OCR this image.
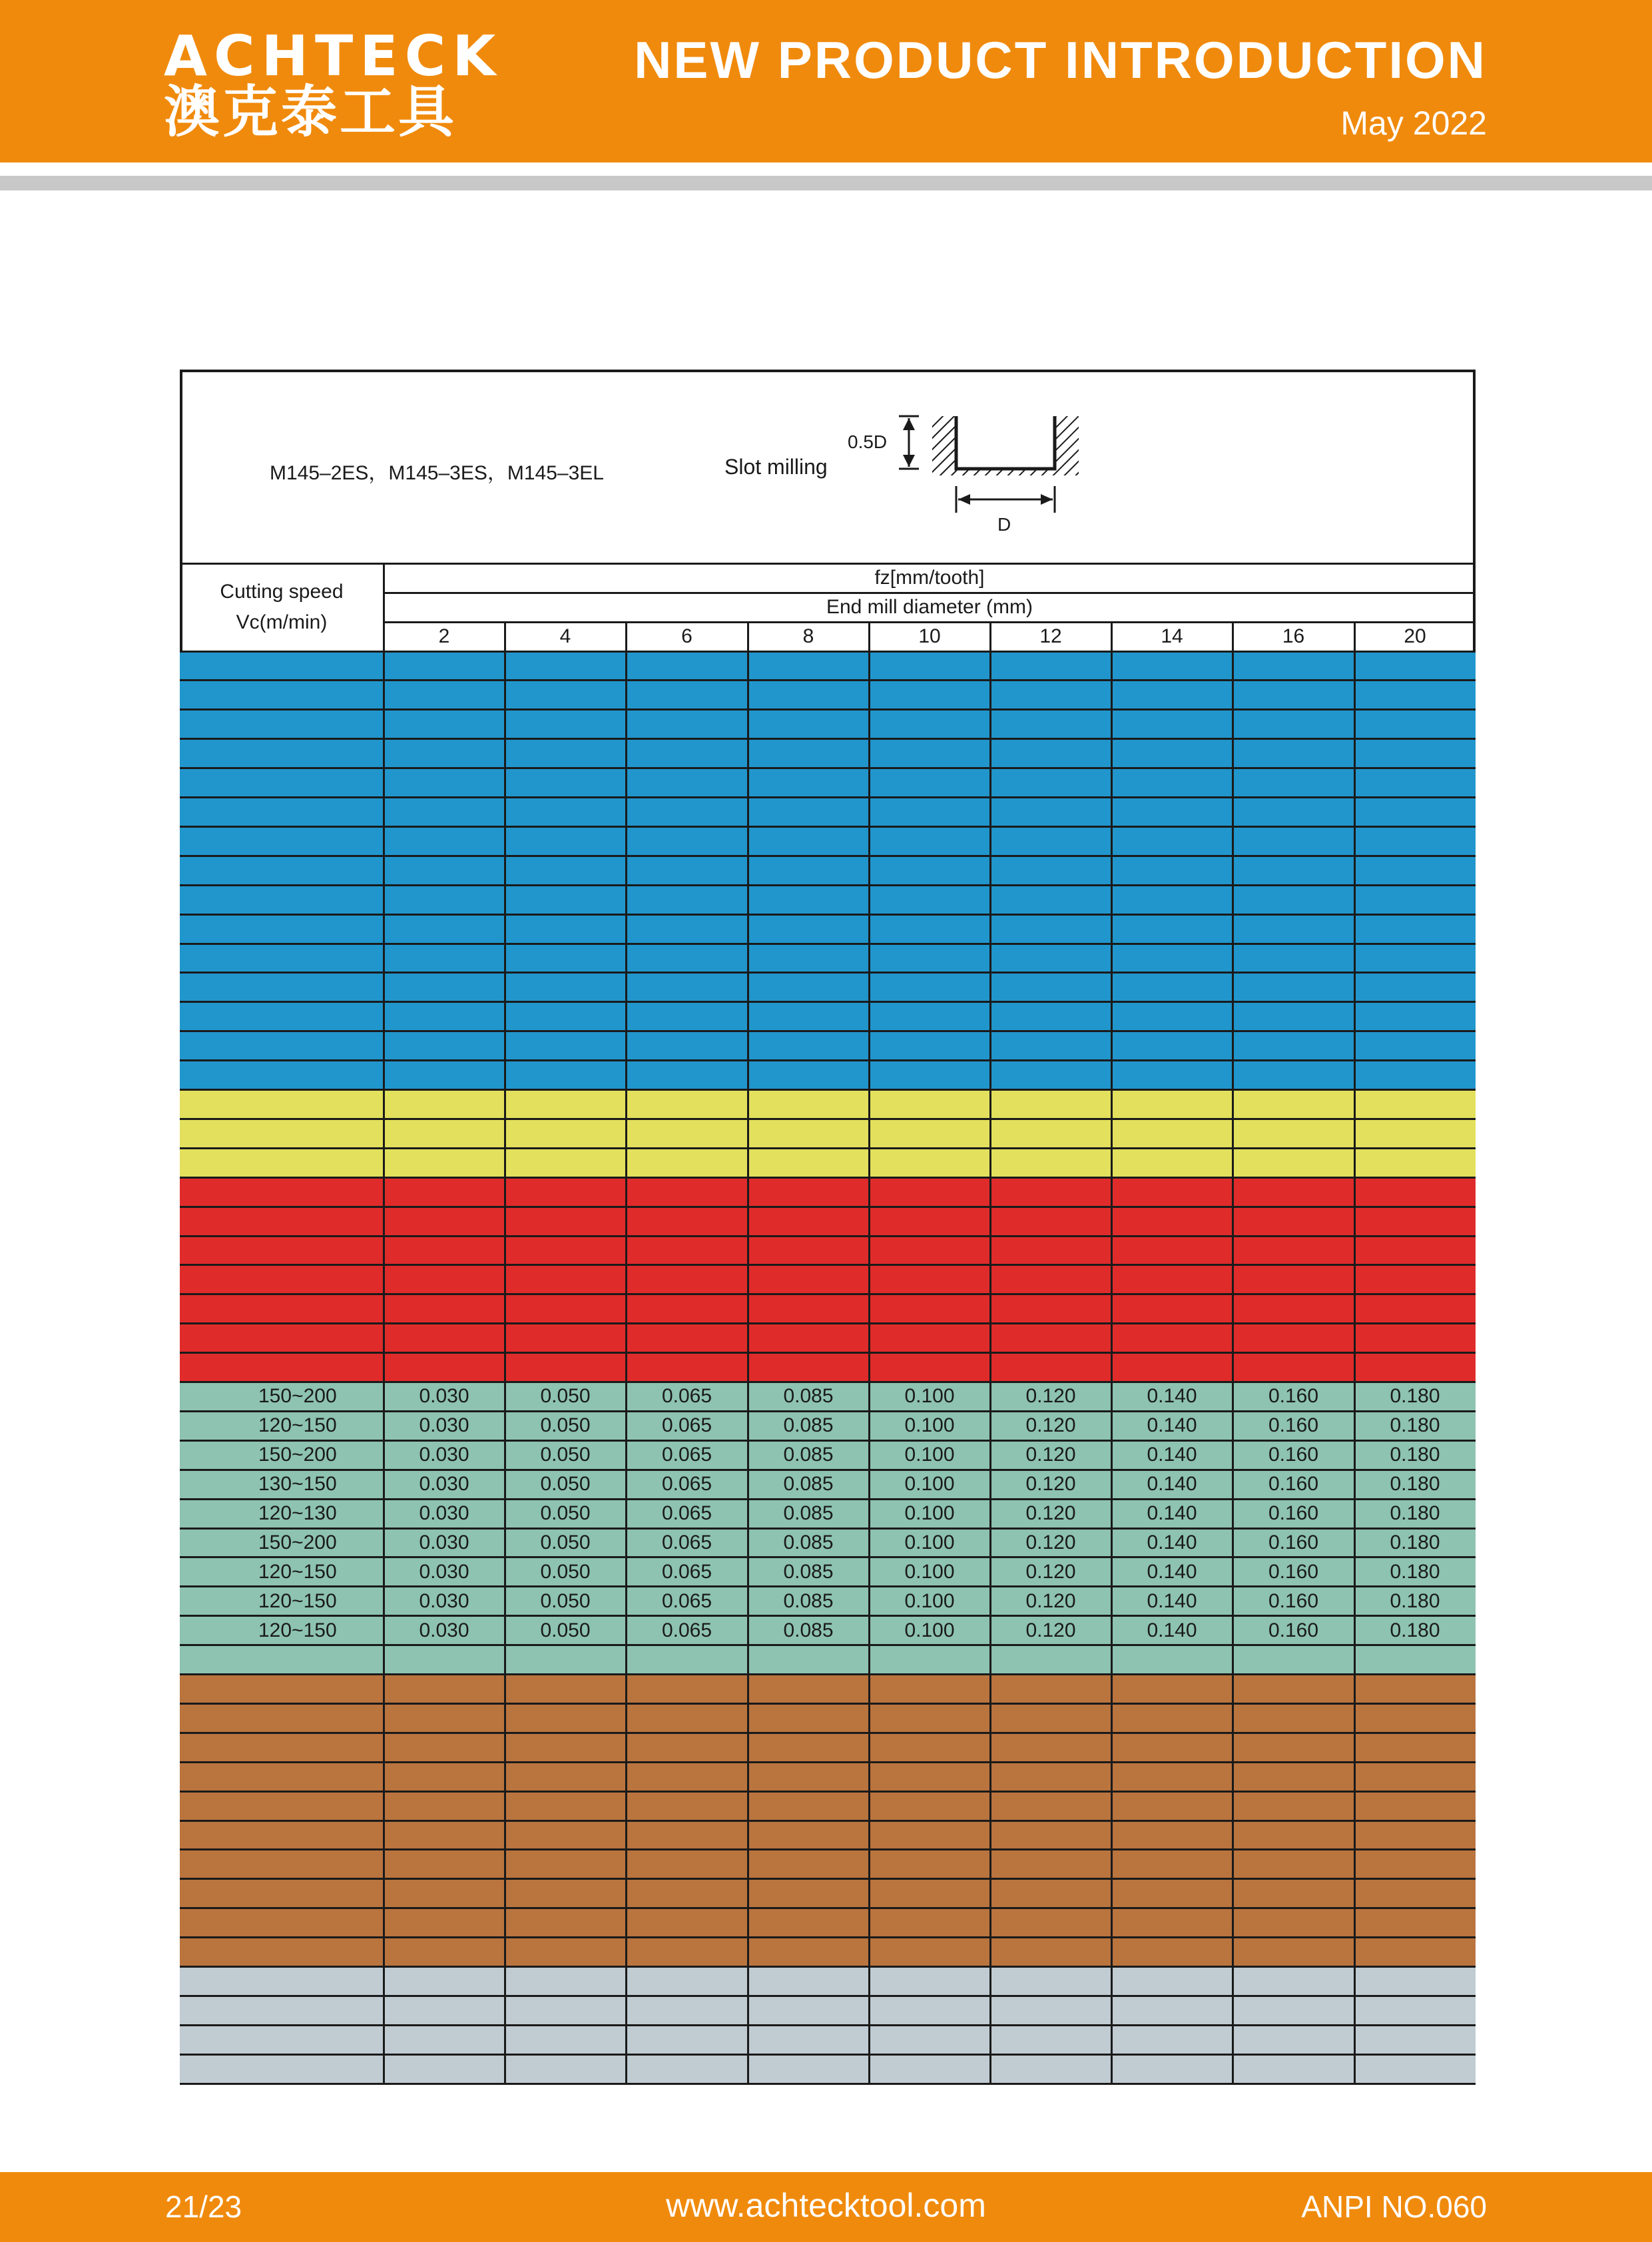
ACHTECK
澳克泰工具
NEW PRODUCT INTRODUCTION
May 2022
M145–2ES，M145–3ES，M145–3EL	Slot milling
0.5D
D
Cutting speed
Vc(m/min)
fz[mm/tooth]
End mill diameter (mm)
2	4	6	8	10	12	14	16	20
150~200	0.030	0.050	0.065	0.085	0.100	0.120	0.140	0.160	0.180
120~150	0.030	0.050	0.065	0.085	0.100	0.120	0.140	0.160	0.180
150~200	0.030	0.050	0.065	0.085	0.100	0.120	0.140	0.160	0.180
130~150	0.030	0.050	0.065	0.085	0.100	0.120	0.140	0.160	0.180
120~130	0.030	0.050	0.065	0.085	0.100	0.120	0.140	0.160	0.180
150~200	0.030	0.050	0.065	0.085	0.100	0.120	0.140	0.160	0.180
120~150	0.030	0.050	0.065	0.085	0.100	0.120	0.140	0.160	0.180
120~150	0.030	0.050	0.065	0.085	0.100	0.120	0.140	0.160	0.180
120~150	0.030	0.050	0.065	0.085	0.100	0.120	0.140	0.160	0.180
21/23	www.achtecktool.com	ANPI NO.060
